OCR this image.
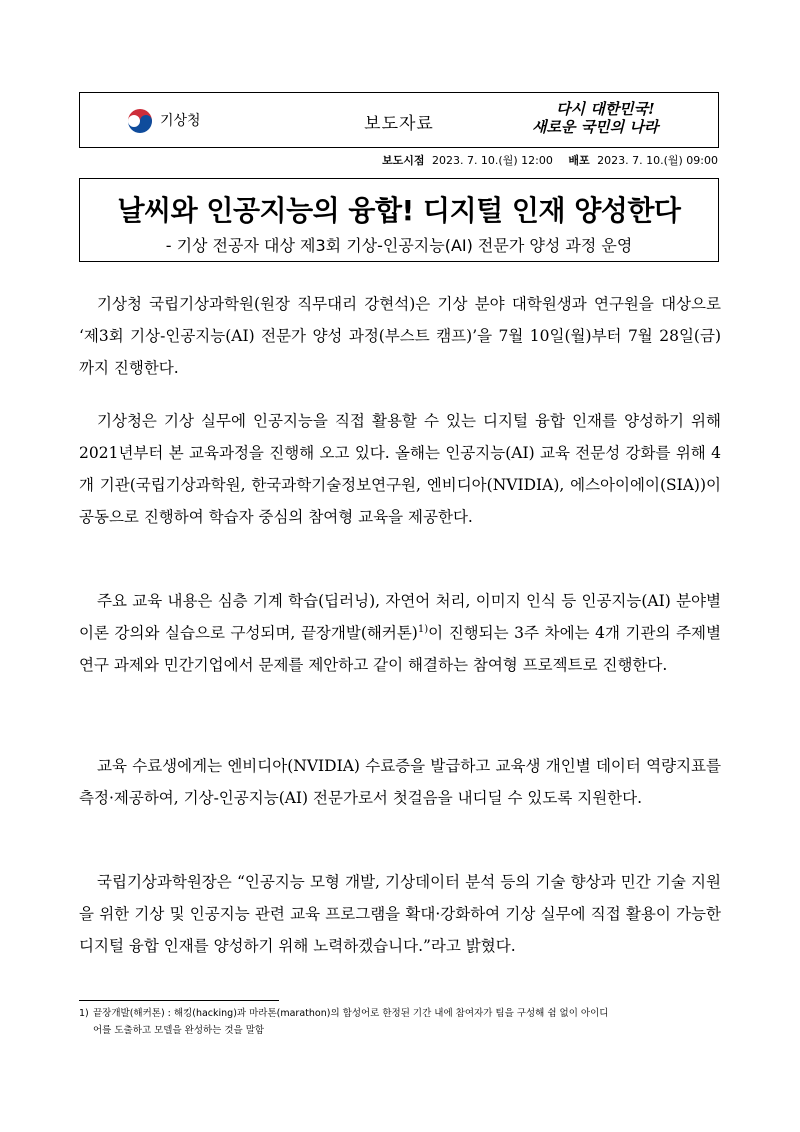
기상청	보도자료
다시 대한민국!
새로운 국민의 나라
보도시점 2023. 7. 10.(월) 12:00 배포 2023. 7. 10.(월) 09:00
날씨와 인공지능의 융합! 디지털 인재 양성한다
- 기상 전공자 대상 제3회 기상-인공지능(AI) 전문가 양성 과정 운영
기상청 국립기상과학원(원장 직무대리 강현석)은 기상 분야 대학원생과 연구원을 대상으로 ‘제3회 기상-인공지능(AI) 전문가 양성 과정(부스트 캠프)’을 7월 10일(월)부터 7월 28일(금)까지 진행한다.
기상청은 기상 실무에 인공지능을 직접 활용할 수 있는 디지털 융합 인재를 양성하기 위해 2021년부터 본 교육과정을 진행해 오고 있다. 올해는 인공지능(AI) 교육 전문성 강화를 위해 4개 기관(국립기상과학원, 한국과학기술정보연구원, 엔비디아(NVIDIA), 에스아이에이(SIA))이 공동으로 진행하여 학습자 중심의 참여형 교육을 제공한다.
주요 교육 내용은 심층 기계 학습(딥러닝), 자연어 처리, 이미지 인식 등 인공지능(AI) 분야별 이론 강의와 실습으로 구성되며, 끝장개발(해커톤)$^{1)}$이 진행되는 3주 차에는 4개 기관의 주제별 연구 과제와 민간기업에서 문제를 제안하고 같이 해결하는 참여형 프로젝트로 진행한다.
교육 수료생에게는 엔비디아(NVIDIA) 수료증을 발급하고 교육생 개인별 데이터 역량지표를 측정·제공하여, 기상-인공지능(AI) 전문가로서 첫걸음을 내디딜 수 있도록 지원한다.
국립기상과학원장은 “인공지능 모형 개발, 기상데이터 분석 등의 기술 향상과 민간 기술 지원을 위한 기상 및 인공지능 관련 교육 프로그램을 확대·강화하여 기상 실무에 직접 활용이 가능한 디지털 융합 인재를 양성하기 위해 노력하겠습니다.”라고 밝혔다.
1) 끝장개발(해커톤) : 해킹(hacking)과 마라톤(marathon)의 합성어로 한정된 기간 내에 참여자가 팀을 구성해 쉼 없이 아이디
어를 도출하고 모델을 완성하는 것을 말함
